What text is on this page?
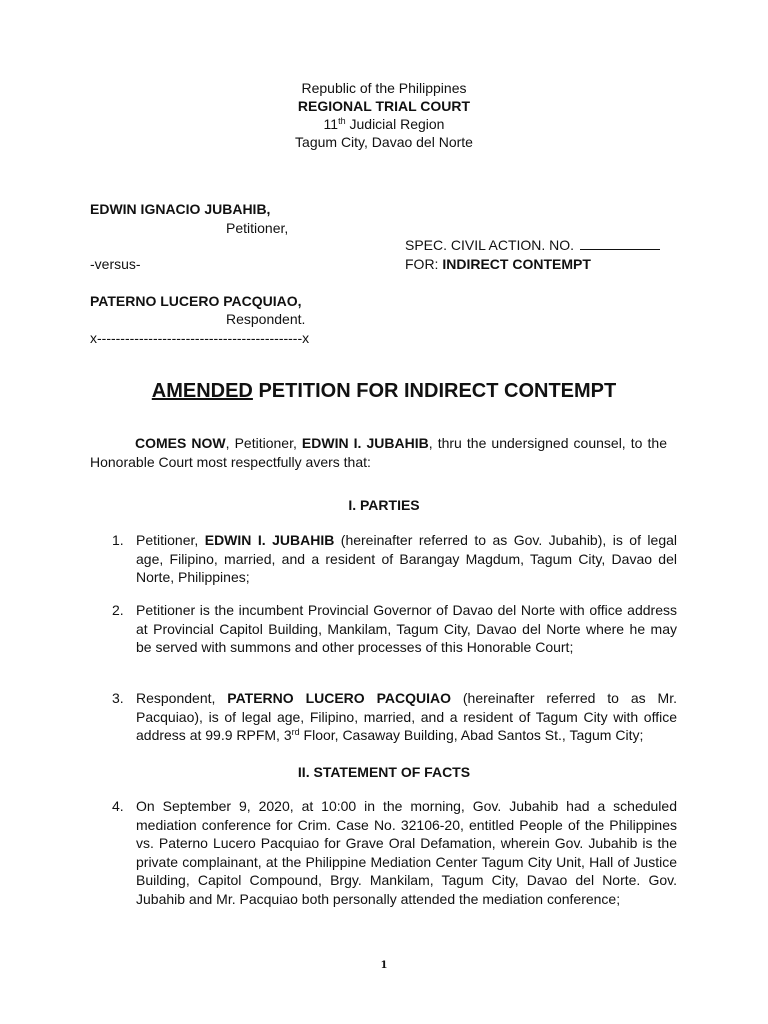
Republic of the Philippines
REGIONAL TRIAL COURT
11th Judicial Region
Tagum City, Davao del Norte
EDWIN IGNACIO JUBAHIB,
Petitioner,
-versus-
PATERNO LUCERO PACQUIAO,
Respondent.
x--------------------------------------------x
SPEC. CIVIL ACTION. NO.
FOR: INDIRECT CONTEMPT
AMENDED PETITION FOR INDIRECT CONTEMPT
COMES NOW, Petitioner, EDWIN I. JUBAHIB, thru the undersigned counsel, to the Honorable Court most respectfully avers that:
I. PARTIES
1. Petitioner, EDWIN I. JUBAHIB (hereinafter referred to as Gov. Jubahib), is of legal age, Filipino, married, and a resident of Barangay Magdum, Tagum City, Davao del Norte, Philippines;
2. Petitioner is the incumbent Provincial Governor of Davao del Norte with office address at Provincial Capitol Building, Mankilam, Tagum City, Davao del Norte where he may be served with summons and other processes of this Honorable Court;
3. Respondent, PATERNO LUCERO PACQUIAO (hereinafter referred to as Mr. Pacquiao), is of legal age, Filipino, married, and a resident of Tagum City with office address at 99.9 RPFM, 3rd Floor, Casaway Building, Abad Santos St., Tagum City;
II. STATEMENT OF FACTS
4. On September 9, 2020, at 10:00 in the morning, Gov. Jubahib had a scheduled mediation conference for Crim. Case No. 32106-20, entitled People of the Philippines vs. Paterno Lucero Pacquiao for Grave Oral Defamation, wherein Gov. Jubahib is the private complainant, at the Philippine Mediation Center Tagum City Unit, Hall of Justice Building, Capitol Compound, Brgy. Mankilam, Tagum City, Davao del Norte. Gov. Jubahib and Mr. Pacquiao both personally attended the mediation conference;
1
